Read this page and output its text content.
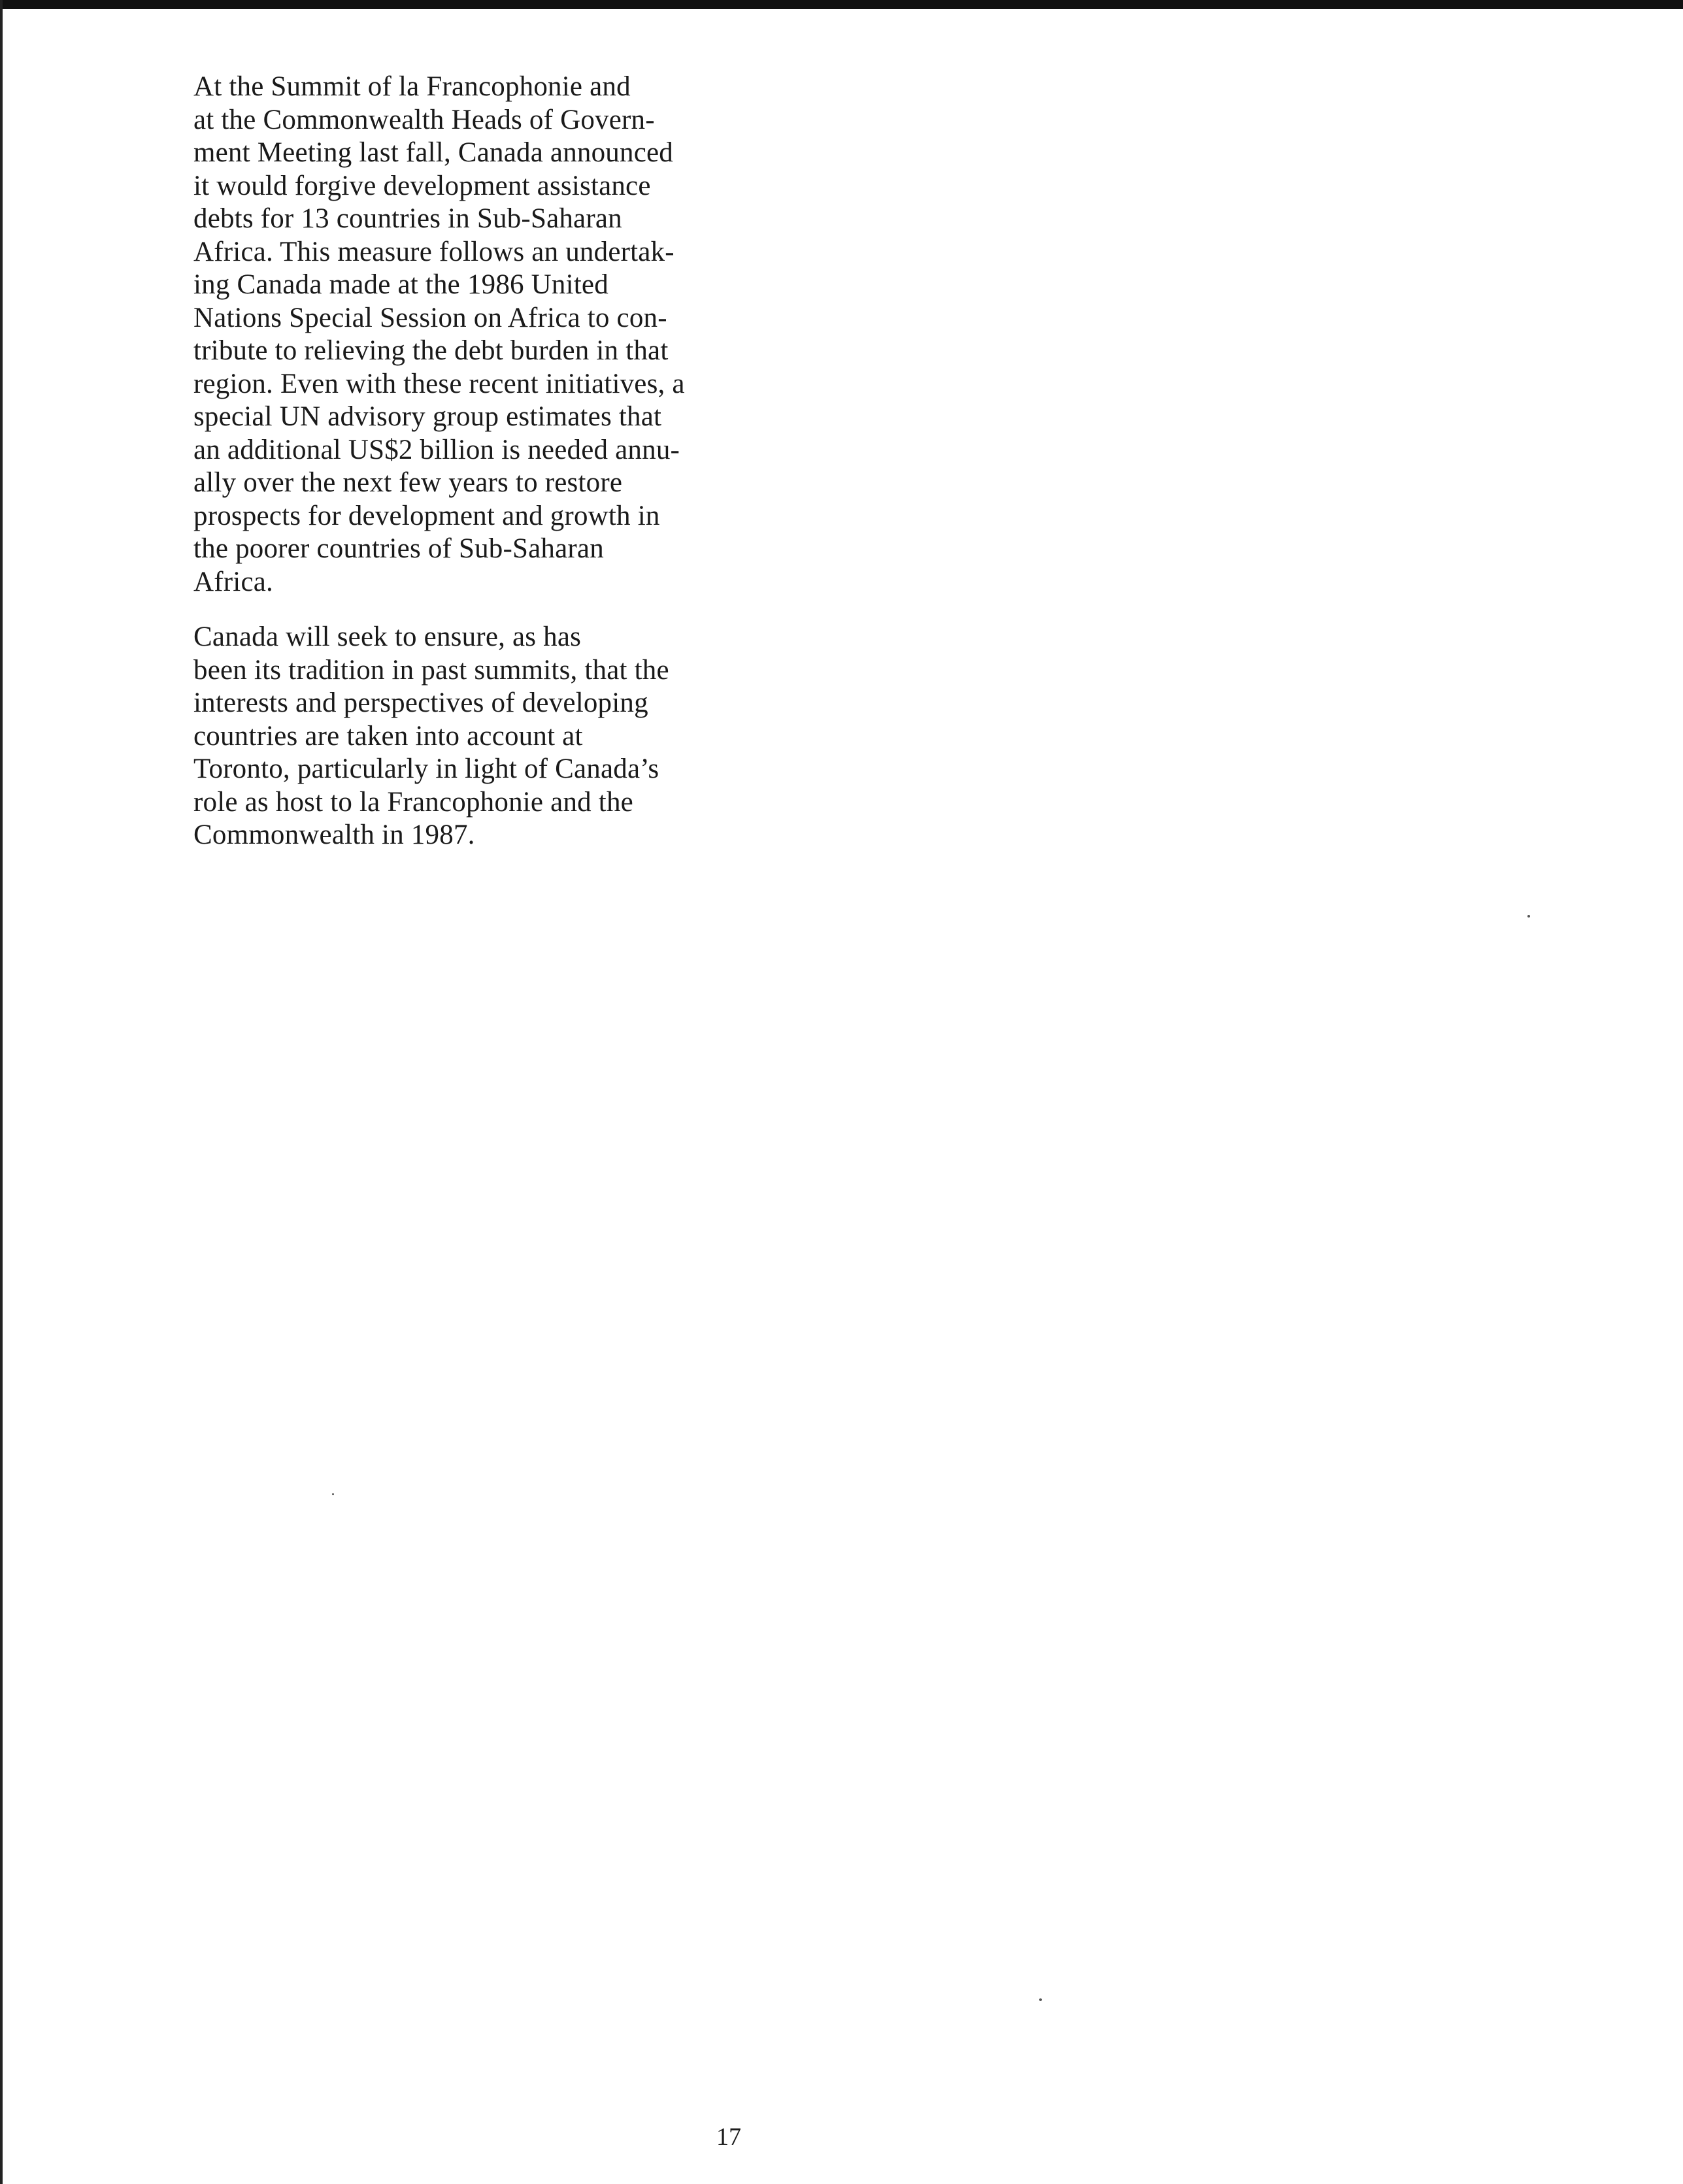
At the Summit of la Francophonie and
at the Commonwealth Heads of Govern-
ment Meeting last fall, Canada announced
it would forgive development assistance
debts for 13 countries in Sub-Saharan
Africa. This measure follows an undertak-
ing Canada made at the 1986 United
Nations Special Session on Africa to con-
tribute to relieving the debt burden in that
region. Even with these recent initiatives, a
special UN advisory group estimates that
an additional US$2 billion is needed annu-
ally over the next few years to restore
prospects for development and growth in
the poorer countries of Sub-Saharan
Africa.

Canada will seek to ensure, as has
been its tradition in past summits, that the
interests and perspectives of developing
countries are taken into account at
Toronto, particularly in light of Canada’s
role as host to la Francophonie and the
Commonwealth in 1987.

17
